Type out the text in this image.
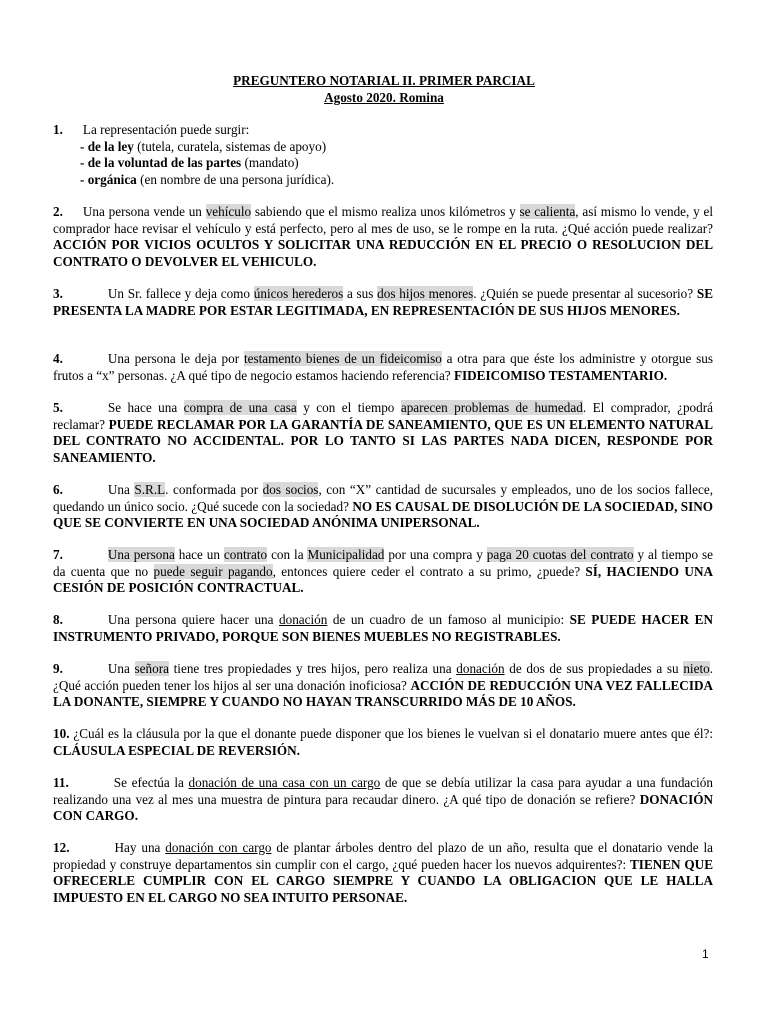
PREGUNTERO NOTARIAL II. PRIMER PARCIAL
Agosto 2020. Romina

1. La representación puede surgir:

- de la ley (tutela, curatela, sistemas de apoyo)

- de la voluntad de las partes (mandato)

- orgánica (en nombre de una persona jurídica).

2. Una persona vende un vehículo sabiendo que el mismo realiza unos kilómetros y se calienta, así mismo lo vende, y el comprador hace revisar el vehículo y está perfecto, pero al mes de uso, se le rompe en la ruta. ¿Qué acción puede realizar? ACCIÓN POR VICIOS OCULTOS Y SOLICITAR UNA REDUCCIÓN EN EL PRECIO O RESOLUCION DEL CONTRATO O DEVOLVER EL VEHICULO.

3.	Un Sr. fallece y deja como únicos herederos a sus dos hijos menores. ¿Quién se puede presentar al sucesorio? SE PRESENTA LA MADRE POR ESTAR LEGITIMADA, EN REPRESENTACIÓN DE SUS HIJOS MENORES.

4.	Una persona le deja por testamento bienes de un fideicomiso a otra para que éste los administre y otorgue sus frutos a “x” personas. ¿A qué tipo de negocio estamos haciendo referencia? FIDEICOMISO TESTAMENTARIO.

5.	Se hace una compra de una casa y con el tiempo aparecen problemas de humedad. El comprador, ¿podrá reclamar? PUEDE RECLAMAR POR LA GARANTÍA DE SANEAMIENTO, QUE ES UN ELEMENTO NATURAL DEL CONTRATO NO ACCIDENTAL. POR LO TANTO SI LAS PARTES NADA DICEN, RESPONDE POR SANEAMIENTO.

6.	Una S.R.L. conformada por dos socios, con “X” cantidad de sucursales y empleados, uno de los socios fallece, quedando un único socio. ¿Qué sucede con la sociedad? NO ES CAUSAL DE DISOLUCIÓN DE LA SOCIEDAD, SINO QUE SE CONVIERTE EN UNA SOCIEDAD ANÓNIMA UNIPERSONAL.

7.	Una persona hace un contrato con la Municipalidad por una compra y paga 20 cuotas del contrato y al tiempo se da cuenta que no puede seguir pagando, entonces quiere ceder el contrato a su primo, ¿puede? SÍ, HACIENDO UNA CESIÓN DE POSICIÓN CONTRACTUAL.

8.	Una persona quiere hacer una donación de un cuadro de un famoso al municipio: SE PUEDE HACER EN INSTRUMENTO PRIVADO, PORQUE SON BIENES MUEBLES NO REGISTRABLES.

9.	Una señora tiene tres propiedades y tres hijos, pero realiza una donación de dos de sus propiedades a su nieto. ¿Qué acción pueden tener los hijos al ser una donación inoficiosa? ACCIÓN DE REDUCCIÓN UNA VEZ FALLECIDA LA DONANTE, SIEMPRE Y CUANDO NO HAYAN TRANSCURRIDO MÁS DE 10 AÑOS.

10. ¿Cuál es la cláusula por la que el donante puede disponer que los bienes le vuelvan si el donatario muere antes que él?: CLÁUSULA ESPECIAL DE REVERSIÓN.

11.	Se efectúa la donación de una casa con un cargo de que se debía utilizar la casa para ayudar a una fundación realizando una vez al mes una muestra de pintura para recaudar dinero. ¿A qué tipo de donación se refiere? DONACIÓN CON CARGO.

12.	Hay una donación con cargo de plantar árboles dentro del plazo de un año, resulta que el donatario vende la propiedad y construye departamentos sin cumplir con el cargo, ¿qué pueden hacer los nuevos adquirentes?: TIENEN QUE OFRECERLE CUMPLIR CON EL CARGO SIEMPRE Y CUANDO LA OBLIGACION QUE LE HALLA IMPUESTO EN EL CARGO NO SEA INTUITO PERSONAE.

1
